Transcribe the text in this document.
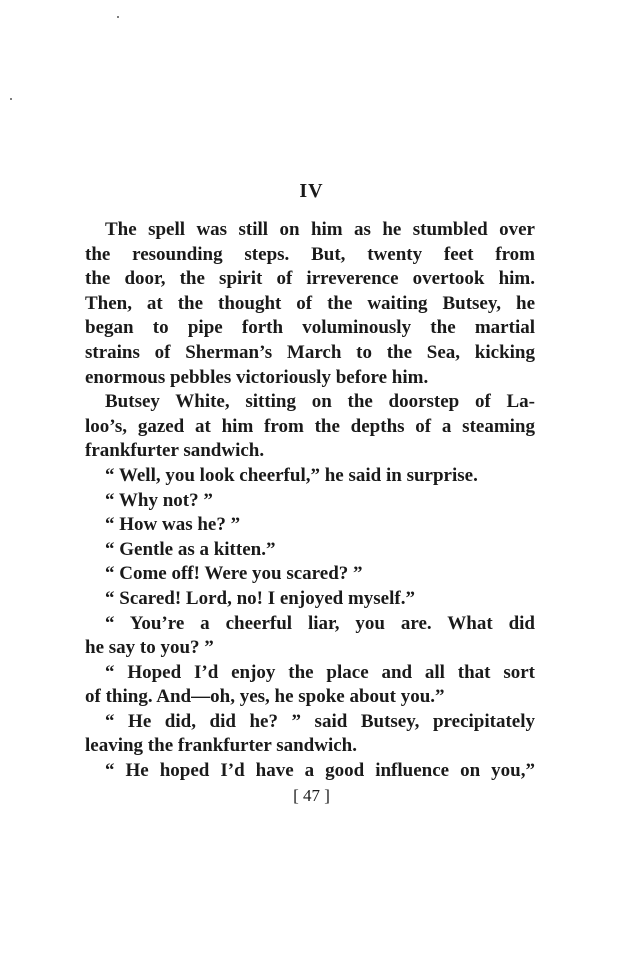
IV

The spell was still on him as he stumbled over
the resounding steps. But, twenty feet from
the door, the spirit of irreverence overtook him.
Then, at the thought of the waiting Butsey, he
began to pipe forth voluminously the martial
strains of Sherman’s March to the Sea, kicking
enormous pebbles victoriously before him.

Butsey White, sitting on the doorstep of La-
loo’s, gazed at him from the depths of a steaming
frankfurter sandwich.

“ Well, you look cheerful,” he said in surprise.

“ Why not? ”

“ How was he? ”

“ Gentle as a kitten.”

“ Come off! Were you scared? ”

“ Scared! Lord, no! I enjoyed myself.”

“ You’re a cheerful liar, you are. What did
he say to you? ”

“ Hoped I’d enjoy the place and all that sort
of thing. And—oh, yes, he spoke about you.”

“ He did, did he? ” said Butsey, precipitately
leaving the frankfurter sandwich.

“ He hoped I’d have a good influence on you,”

[ 47 ]
